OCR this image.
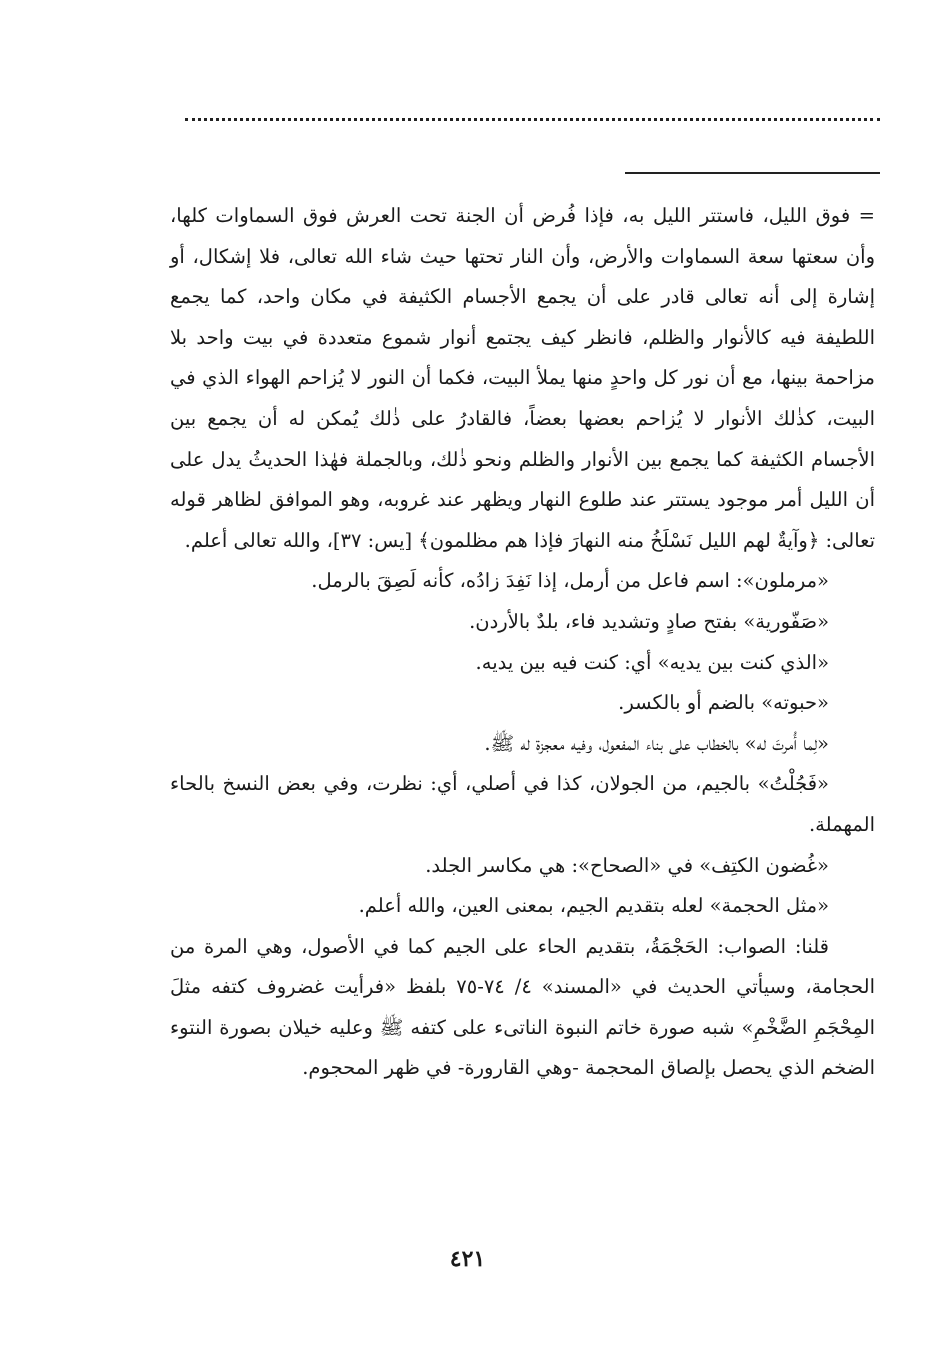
= فوق الليل، فاستتر الليل به، فإذا فُرض أن الجنة تحت العرش فوق السماوات كلها، وأن سعتها سعة السماوات والأرض، وأن النار تحتها حيث شاء الله تعالى، فلا إشكال، أو إشارة إلى أنه تعالى قادر على أن يجمع الأجسام الكثيفة في مكان واحد، كما يجمع اللطيفة فيه كالأنوار والظلم، فانظر كيف يجتمع أنوار شموع متعددة في بيت واحد بلا مزاحمة بينها، مع أن نور كل واحدٍ منها يملأ البيت، فكما أن النور لا يُزاحم الهواء الذي في البيت، كذٰلك الأنوار لا يُزاحم بعضها بعضاً، فالقادرُ على ذٰلك يُمكن له أن يجمع بين الأجسام الكثيفة كما يجمع بين الأنوار والظلم ونحو ذٰلك، وبالجملة فهٰذا الحديثُ يدل على أن الليل أمر موجود يستتر عند طلوع النهار ويظهر عند غروبه، وهو الموافق لظاهر قوله تعالى: ﴿وآيةٌ لهم الليل نَسْلَخُ منه النهارَ فإذا هم مظلمون﴾ [يس: ٣٧]، والله تعالى أعلم.

«مرملون»: اسم فاعل من أرمل، إذا نَفِدَ زادُه، كأنه لَصِقَ بالرمل.

«صَفّورية» بفتح صادٍ وتشديد فاء، بلدٌ بالأردن.

«الذي كنت بين يديه» أي: كنت فيه بين يديه.

«حبوته» بالضم أو بالكسر.

«لِما أُمرتَ له» بالخطاب على بناء المفعول، وفيه معجزة له ﷺ.

«فَجُلْتُ» بالجيم، من الجولان، كذا في أصلي، أي: نظرت، وفي بعض النسخ بالحاء المهملة.

«غُضون الكتِف» في «الصحاح»: هي مكاسر الجلد.

«مثل الحجمة» لعله بتقديم الجيم، بمعنى العين، والله أعلم.

قلنا: الصواب: الحَجْمَةُ، بتقديم الحاء على الجيم كما في الأصول، وهي المرة من الحجامة، وسيأتي الحديث في «المسند» ٤/ ٧٤-٧٥ بلفظ «فرأيت غضروف كتفه مثلَ المِحْجَمِ الضَّخْمِ» شبه صورة خاتم النبوة الناتىء على كتفه ﷺ وعليه خيلان بصورة النتوء الضخم الذي يحصل بإلصاق المحجمة -وهي القارورة- في ظهر المحجوم.

٤٢١
